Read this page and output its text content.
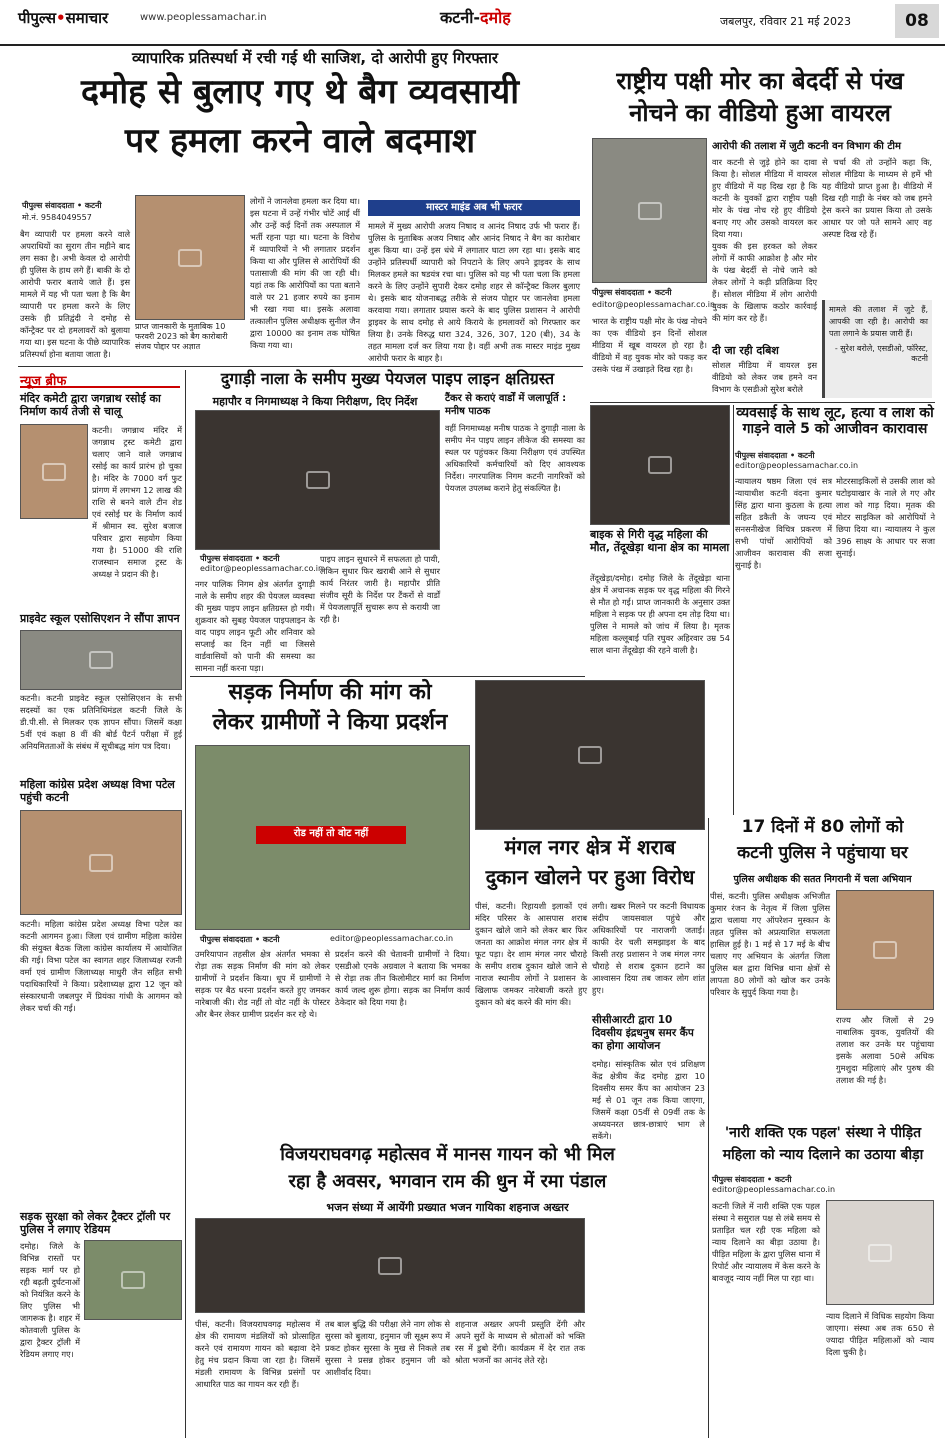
पीपुल्स•समाचार	www.peoplessamachar.in	कटनी-दमोह	जबलपुर, रविवार 21 मई 2023	08
व्यापारिक प्रतिस्पर्धा में रची गई थी साजिश, दो आरोपी हुए गिरफ्तार
दमोह से बुलाए गए थे बैग व्यवसायी
पर हमला करने वाले बदमाश
पीपुल्स संवाददाता • कटनी
मो.नं. 9584049557
बैग व्यापारी पर हमला करने वाले अपराधियों का सुराग तीन महीने बाद लग सका है। अभी केवल दो आरोपी ही पुलिस के हाथ लगे हैं। बाकी के दो आरोपी फरार बताये जाते हैं। इस मामले में यह भी पता चला है कि बैग व्यापारी पर हमला करने के लिए उसके ही प्रतिद्वंदी ने दमोह से कॉन्ट्रैक्ट पर दो हमलावरों को बुलाया गया था। इस घटना के पीछे व्यापारिक प्रतिस्पर्धा होना बताया जाता है।
प्राप्त जानकारी के मुताबिक 10 फरवरी 2023 को बैग कारोबारी संजय पोद्दार पर अज्ञात
लोगों ने जानलेवा हमला कर दिया था। इस घटना में उन्हें गंभीर चोटें आई थीं और उन्हें कई दिनों तक अस्पताल में भर्ती रहना पड़ा था। घटना के विरोध में व्यापारियों ने भी लगातार प्रदर्शन किया था और पुलिस से आरोपियों की पतासाजी की मांग की जा रही थी। यहां तक कि आरोपियों का पता बताने वाले पर 21 हजार रुपये का इनाम भी रखा गया था। इसके अलावा तत्कालीन पुलिस अधीक्षक सुनील जैन द्वारा 10000 का इनाम तक घोषित किया गया था।
मास्टर माइंड अब भी फरार
मामले में मुख्य आरोपी अजय निषाद व आनंद निषाद उर्फ भी फरार हैं। पुलिस के मुताबिक अजय निषाद और आनंद निषाद ने बैग का कारोबार शुरू किया था। उन्हें इस धंधे में लगातार घाटा लग रहा था। इसके बाद उन्होंने प्रतिस्पर्धी व्यापारी को निपटाने के लिए अपने ड्राइवर के साथ मिलकर हमले का षडयंत्र रचा था। पुलिस को यह भी पता चला कि हमला करने के लिए उन्होंने सुपारी देकर दमोह शहर से कॉन्ट्रैक्ट किलर बुलाए थे। इसके बाद योजनाबद्ध तरीके से संजय पोद्दार पर जानलेवा हमला करवाया गया। लगातार प्रयास करने के बाद पुलिस प्रशासन ने आरोपी ड्राइवर के साथ दमोह से आये किराये के हमलावरों को गिरफ्तार कर लिया है। उनके विरुद्ध धारा 324, 326, 307, 120 (बी), 34 के तहत मामला दर्ज कर लिया गया है। वहीं अभी तक मास्टर माइंड मुख्य आरोपी फरार के बाहर है।
राष्ट्रीय पक्षी मोर का बेदर्दी से पंख
नोचने का वीडियो हुआ वायरल
आरोपी की तलाश में जुटी कटनी वन विभाग की टीम
पीपुल्स संवाददाता • कटनी
editor@peoplessamachar.co.in
वार कटनी से जुड़े होने का दावा किया है। सोशल मीडिया में वायरल हुए वीडियो में यह दिख रहा है कि कटनी के युवकों द्वारा राष्ट्रीय पक्षी मोर के पंख नोच रहे हुए वीडियो बनाए गए और उसको वायरल कर दिया गया।
युवक की इस हरकत को लेकर लोगों में काफी आक्रोश है और मोर के पंख बेदर्दी से नोचे जाने को लेकर लोगों ने कड़ी प्रतिक्रिया दिए हैं। सोशल मीडिया में लोग आरोपी युवक के खिलाफ कठोर कार्रवाई की मांग कर रहे हैं।
से चर्चा की तो उन्होंने कहा कि, सोशल मीडिया के माध्यम से हमें भी यह वीडियो प्राप्त हुआ है। वीडियो में दिख रही गाड़ी के नंबर को जब हमने ट्रेस करने का प्रयास किया तो उसके आधार पर जो पते सामने आए वह अस्पष्ट दिख रहे हैं।
भारत के राष्ट्रीय पक्षी मोर के पंख नोचने का एक वीडियो इन दिनों सोशल मीडिया में खूब वायरल हो रहा है। वीडियो में वह युवक मोर को पकड़ कर उसके पंख में उखाड़ते दिख रहा है।
दी जा रही दबिश
सोशल मीडिया में वायरल इस वीडियो को लेकर जब हमने वन विभाग के एसडीओ सुरेश बरोले
मामले की तलाश में जुटे हैं, आपकी जा रही है। आरोपी का पता लगाने के प्रयास जारी हैं।
- सुरेश बरोले, एसडीओ, फॉरेस्ट, कटनी
न्यूज ब्रीफ
मंदिर कमेटी द्वारा जगन्नाथ रसोई का निर्माण कार्य तेजी से चालू
कटनी। जगन्नाथ मंदिर में जगन्नाथ ट्रस्ट कमेटी द्वारा चलाए जाने वाले जगन्नाथ रसोई का कार्य प्रारंभ हो चुका है। मंदिर के 7000 वर्ग फुट प्रांगण में लगभग 12 लाख की राशि से बनने वाले टीन शेड एवं रसोई घर के निर्माण कार्य में श्रीमान स्व. सुरेश बजाज परिवार द्वारा सहयोग किया गया है। 51000 की राशि राजस्थान समाज ट्रस्ट के अध्यक्ष ने प्रदान की है।
प्राइवेट स्कूल एसोसिएशन ने सौंपा ज्ञापन
कटनी। कटनी प्राइवेट स्कूल एसोसिएशन के सभी सदस्यों का एक प्रतिनिधिमंडल कटनी जिले के डी.पी.सी. से मिलकर एक ज्ञापन सौंपा। जिसमें कक्षा 5वीं एवं कक्षा 8 वीं की बोर्ड पैटर्न परीक्षा में हुई अनियमितताओं के संबंध में सूचीबद्ध मांग पत्र दिया।
महिला कांग्रेस प्रदेश अध्यक्ष विभा पटेल पहुंची कटनी
कटनी। महिला कांग्रेस प्रदेश अध्यक्ष विभा पटेल का कटनी आगमन हुआ। जिला एवं ग्रामीण महिला कांग्रेस की संयुक्त बैठक जिला कांग्रेस कार्यालय में आयोजित की गई। विभा पटेल का स्वागत शहर जिलाध्यक्ष रजनी वर्मा एवं ग्रामीण जिलाध्यक्ष माधुरी जैन सहित सभी पदाधिकारियों ने किया। प्रदेशाध्यक्ष द्वारा 12 जून को संस्कारधानी जबलपुर में प्रियंका गांधी के आगमन को लेकर चर्चा की गई।
सड़क सुरक्षा को लेकर ट्रैक्टर ट्रॉली पर पुलिस ने लगाए रेडियम
दमोह। जिले के विभिन्न रास्तों पर सड़क मार्ग पर हो रही बढ़ती दुर्घटनाओं को नियंत्रित करने के लिए पुलिस भी जागरूक है। शहर में कोतवाली पुलिस के द्वारा ट्रैक्टर ट्रॉली में रेडियम लगाए गए।
दुगाड़ी नाला के समीप मुख्य पेयजल पाइप लाइन क्षतिग्रस्त
महापौर व निगमाध्यक्ष ने किया निरीक्षण, दिए निर्देश
पीपुल्स संवाददाता • कटनी
editor@peoplessamachar.co.in
टैंकर से कराएं वार्डों में जलापूर्ति : मनीष पाठक
वहीं निगमाध्यक्ष मनीष पाठक ने दुगाड़ी नाला के समीप मेन पाइप लाइन लीकेज की समस्या का स्थल पर पहुंचकर किया निरीक्षण एवं उपस्थित अधिकारियों कर्मचारियों को दिए आवश्यक निर्देश। नगरपालिक निगम कटनी नागरिकों को पेयजल उपलब्ध कराने हेतु संकल्पित है।
नगर पालिक निगम क्षेत्र अंतर्गत दुगाड़ी नाले के समीप शहर की पेयजल व्यवस्था की मुख्य पाइप लाइन क्षतिग्रस्त हो गयी। शुक्रवार को सुबह पेयजल पाइपलाइन के वाद पाइप लाइन फूटी और शनिवार को सप्लाई का दिन नहीं था जिससे वार्डवासियों को पानी की समस्या का सामना नहीं करना पड़ा।
पाइप लाइन सुधारने में सफलता हो पायी, लेकिन सुधार फिर खराबी आने से सुधार कार्य निरंतर जारी है। महापौर प्रीति संजीव सूरी के निर्देश पर टैंकरों से वार्डों में पेयजलापूर्ति सुचारू रूप से करायी जा रही है।
बाइक से गिरी वृद्ध महिला की मौत, तेंदूखेड़ा थाना क्षेत्र का मामला
तेंदूखेड़ा/दमोह। दमोह जिले के तेंदूखेड़ा थाना क्षेत्र में अचानक सड़क पर वृद्ध महिला की गिरने से मौत हो गई। प्राप्त जानकारी के अनुसार उक्त महिला ने सड़क पर ही अपना दम तोड़ दिया था। पुलिस ने मामले को जांच में लिया है। मृतक महिला कल्लूबाई पति रघुवर अहिरवार उम्र 54 साल थाना तेंदूखेड़ा की रहने वाली है।
व्यवसाई के साथ लूट, हत्या व लाश को गाड़ने वाले 5 को आजीवन कारावास
पीपुल्स संवाददाता • कटनी
editor@peoplessamachar.co.in
न्यायालय षष्ठम जिला एवं सत्र न्यायाधीश कटनी वंदना कुमार सिंह द्वारा थाना कुठला के हत्या सहित डकैती के जघन्य एवं सनसनीखेज विचित्र प्रकरण में सभी पांचों आरोपियों को आजीवन कारावास की सजा सुनाई है।
मोटरसाइकिलों से उसकी लाश को घटोइयाखार के नाले ले गए और लाश को गाड़ दिया। मृतक की मोटर साइकिल को आरोपियों ने छिपा दिया था। न्यायालय ने कुल 396 साक्ष्य के आधार पर सजा सुनाई।
सड़क निर्माण की मांग को
लेकर ग्रामीणों ने किया प्रदर्शन
रोड नहीं तो वोट नहीं
पीपुल्स संवाददाता • कटनी	editor@peoplessamachar.co.in
उमरियापान तहसील क्षेत्र अंतर्गत भमका से रोड़ा तक सड़क निर्माण की मांग को लेकर ग्रामीणों ने प्रदर्शन किया। धूप में ग्रामीणों ने सड़क पर बैठ धरना प्रदर्शन करते हुए जमकर नारेबाजी की। रोड नहीं तो वोट नहीं के पोस्टर और बैनर लेकर ग्रामीण प्रदर्शन कर रहे थे।
प्रदर्शन करने की चेतावनी ग्रामीणों ने दिया। एसडीओ एनके अग्रवाल ने बताया कि भमका से रोड़ा तक तीन किलोमीटर मार्ग का निर्माण कार्य जल्द शुरू होगा। सड़क का निर्माण कार्य ठेकेदार को दिया गया है।
मंगल नगर क्षेत्र में शराब
दुकान खोलने पर हुआ विरोध
पीसं, कटनी। रिहायशी इलाकों एवं मंदिर परिसर के आसपास शराब दुकान खोले जाने को लेकर बार फिर जनता का आक्रोश मंगल नगर क्षेत्र में फूट पड़ा। देर शाम मंगल नगर चौराहे के समीप शराब दुकान खोले जाने से नाराज स्थानीय लोगों ने प्रशासन के खिलाफ जमकर नारेबाजी करते हुए दुकान को बंद करने की मांग की।
लगी। खबर मिलने पर कटनी विधायक संदीप जायसवाल पहुंचे और अधिकारियों पर नाराजगी जताई। काफी देर चली समझाइश के बाद किसी तरह प्रशासन ने जब मंगल नगर चौराहे से शराब दुकान हटाने का आश्वासन दिया तब जाकर लोग शांत हुए।
सीसीआरटी द्वारा 10 दिवसीय इंद्रधनुष समर कैंप का होगा आयोजन
दमोह। सांस्कृतिक स्रोत एवं प्रशिक्षण केंद्र क्षेत्रीय केंद्र दमोह द्वारा 10 दिवसीय समर कैंप का आयोजन 23 मई से 01 जून तक किया जाएगा, जिसमें कक्षा 05वीं से 09वीं तक के अध्ययनरत छात्र-छात्राएं भाग ले सकेंगे।
17 दिनों में 80 लोगों को
कटनी पुलिस ने पहुंचाया घर
पुलिस अधीक्षक की सतत निगरानी में चला अभियान
पीसं, कटनी। पुलिस अधीक्षक अभिजीत कुमार रंजन के नेतृत्व में जिला पुलिस द्वारा चलाया गए ऑपरेशन मुस्कान के तहत पुलिस को अप्रत्याशित सफलता हासिल हुई है। 1 मई से 17 मई के बीच चलाए गए अभियान के अंतर्गत जिला पुलिस बल द्वारा विभिन्न थाना क्षेत्रों से लापता 80 लोगों को खोज कर उनके परिवार के सुपुर्द किया गया है।
राज्य और जिलों से 29 नाबालिक युवक, युवतियों की तलाश कर उनके घर पहुंचाया इसके अलावा 50से अधिक गुमशुदा महिलाएं और पुरुष की तलाश की गई है।
विजयराघवगढ़ महोत्सव में मानस गायन को भी मिल
रहा है अवसर, भगवान राम की धुन में रमा पंडाल
भजन संध्या में आयेंगी प्रख्यात भजन गायिका शहनाज अख्तर
पीसं, कटनी। विजयराघवगढ़ महोत्सव में क्षेत्र की रामायण मंडलियों को प्रोत्साहित करने एवं रामायण गायन को बढ़ावा देने हेतु मंच प्रदान किया जा रहा है। जिसमें मंडली रामायण के विभिन्न प्रसंगों पर आधारित पाठ का गायन कर रही हैं।
तब बाल बुद्धि की परीक्षा लेने नाग लोक से सुरसा को बुलाया, हनुमान जी सूक्ष्म रूप में प्रकट होकर सुरसा के मुख से निकले तब सुरसा ने प्रसन्न होकर हनुमान जी को आशीर्वाद दिया।
शहनाज अख्तर अपनी प्रस्तुति देंगी और अपने सुरों के माध्यम से श्रोताओं को भक्ति रस में डुबो देंगी। कार्यक्रम में देर रात तक श्रोता भजनों का आनंद लेते रहे।
'नारी शक्ति एक पहल' संस्था ने पीड़ित
महिला को न्याय दिलाने का उठाया बीड़ा
पीपुल्स संवाददाता • कटनी
editor@peoplessamachar.co.in
कटनी जिले में नारी शक्ति एक पहल संस्था ने ससुराल पक्ष से लंबे समय से प्रताड़ित चल रही एक महिला को न्याय दिलाने का बीड़ा उठाया है। पीड़ित महिला के द्वारा पुलिस थाना में रिपोर्ट और न्यायालय में केस करने के बावजूद न्याय नहीं मिल पा रहा था।
न्याय दिलाने में विधिक सहयोग किया जाएगा। संस्था अब तक 650 से ज्यादा पीड़ित महिलाओं को न्याय दिला चुकी है।
